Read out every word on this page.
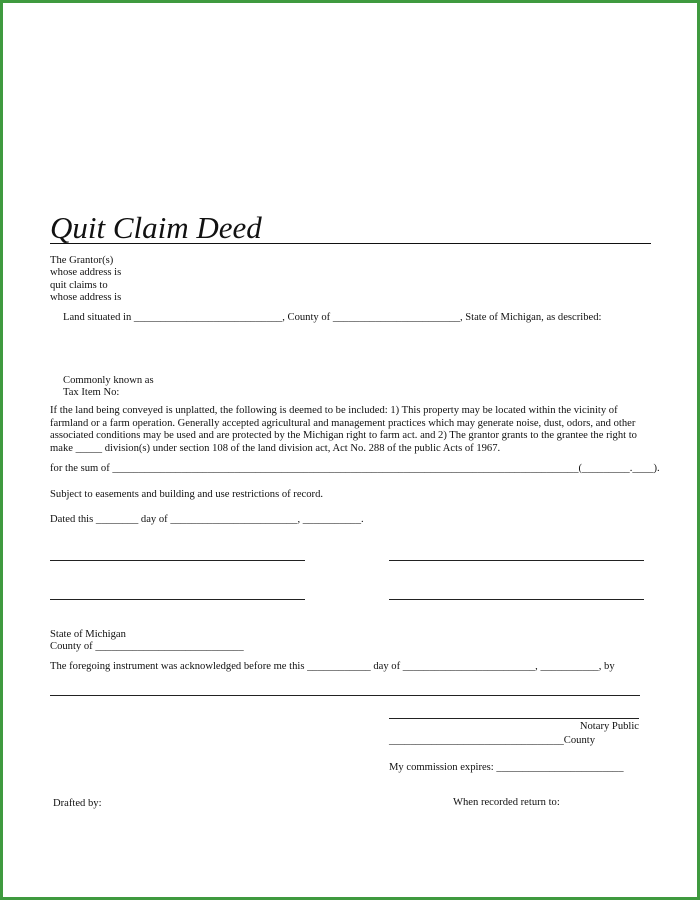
Quit Claim Deed
The Grantor(s)
whose address is
quit claims to
whose address is
Land situated in ____________________________, County of ________________________, State of Michigan, as described:
Commonly known as
Tax Item No:
If the land being conveyed is unplatted, the following is deemed to be included: 1) This property may be located within the vicinity of farmland or a farm operation. Generally accepted agricultural and management practices which may generate noise, dust, odors, and other associated conditions may be used and are protected by the Michigan right to farm act. and 2) The grantor grants to the grantee the right to make _____ division(s) under section 108 of the land division act, Act No. 288 of the public Acts of 1967.
for the sum of ________________________________________________________________________________________(_________.____).
Subject to easements and building and use restrictions of record.
Dated this ________ day of ________________________, ___________.
State of Michigan
County of ____________________________
The foregoing instrument was acknowledged before me this ____________ day of _________________________, ___________, by
Notary Public
_________________________________County
My commission expires: ________________________
Drafted by:	When recorded return to:
